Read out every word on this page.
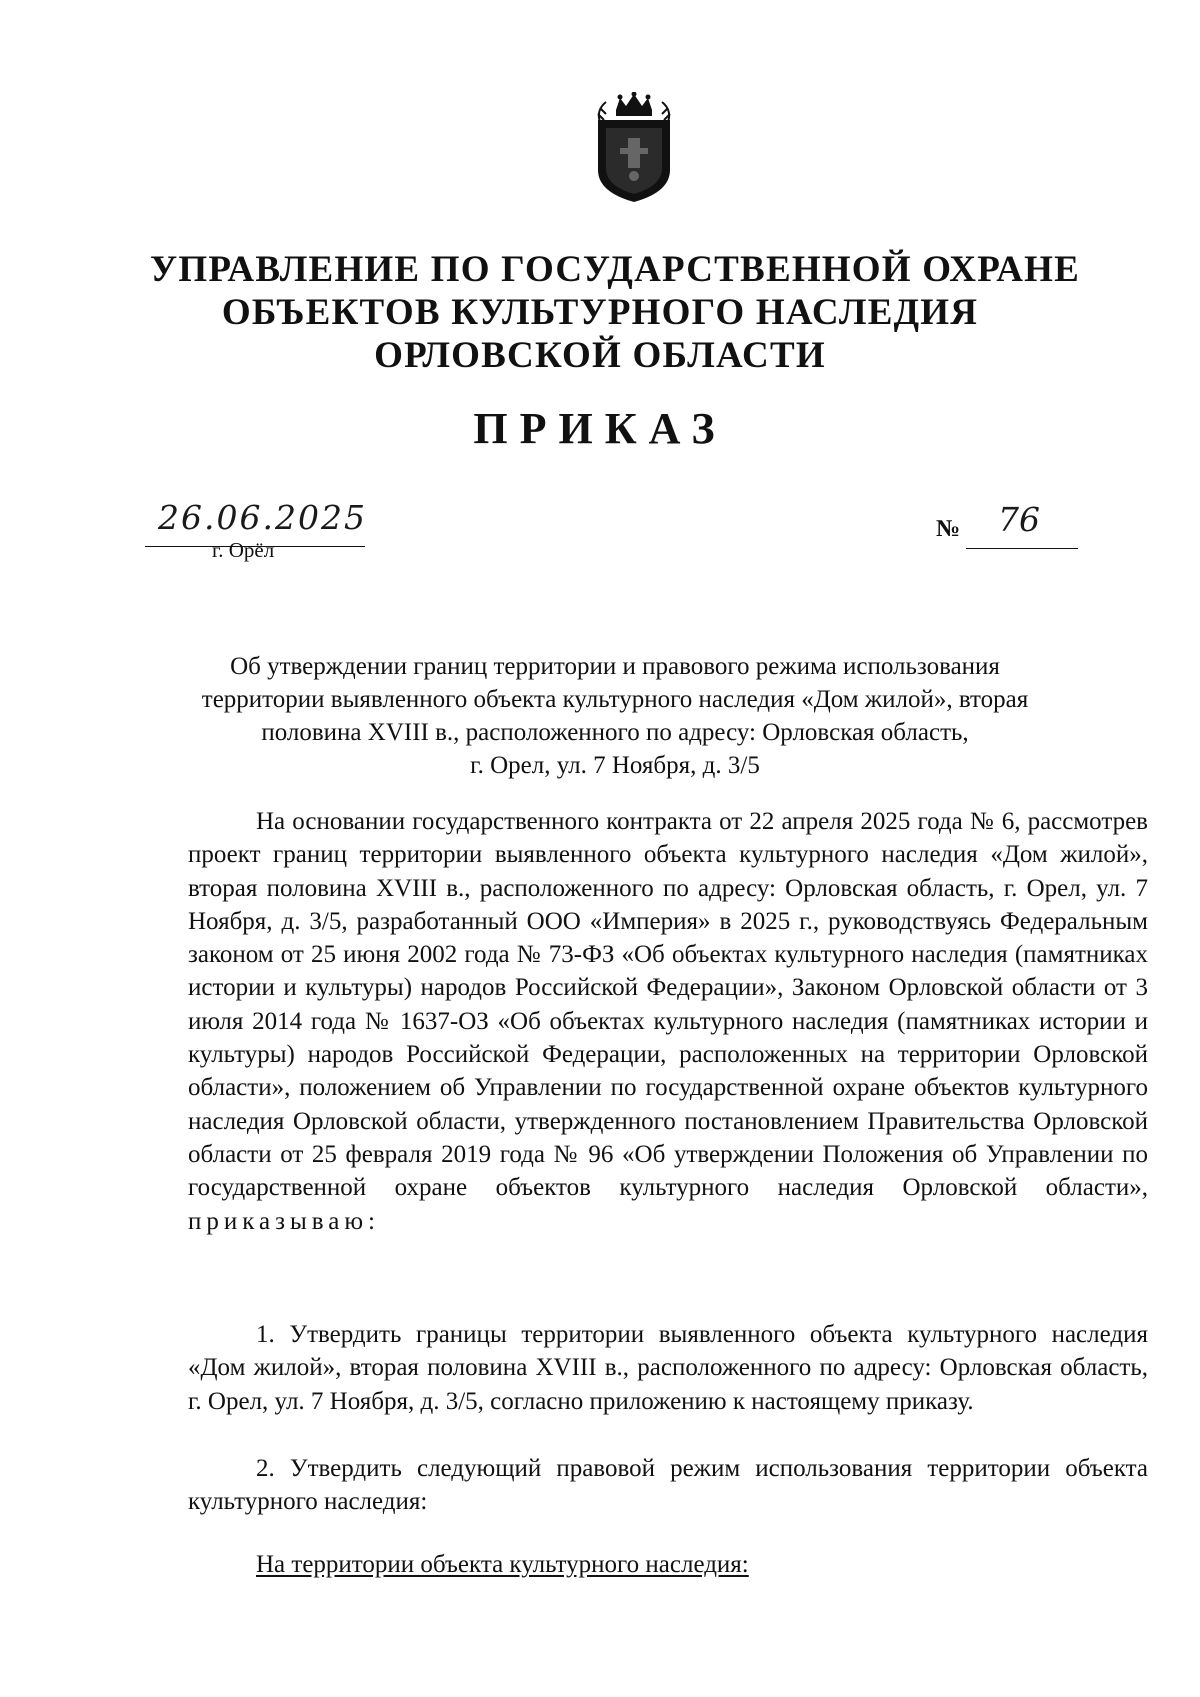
УПРАВЛЕНИЕ ПО ГОСУДАРСТВЕННОЙ ОХРАНЕ
ОБЪЕКТОВ КУЛЬТУРНОГО НАСЛЕДИЯ
ОРЛОВСКОЙ ОБЛАСТИ
ПРИКАЗ
26.06.2025
г. Орёл
№ 76

Об утверждении границ территории и правового режима использования
территории выявленного объекта культурного наследия «Дом жилой», вторая
половина XVIII в., расположенного по адресу: Орловская область,
г. Орел, ул. 7 Ноября, д. 3/5

На основании государственного контракта от 22 апреля 2025 года № 6, рассмотрев проект границ территории выявленного объекта культурного наследия «Дом жилой», вторая половина XVIII в., расположенного по адресу: Орловская область, г. Орел, ул. 7 Ноября, д. 3/5, разработанный ООО «Империя» в 2025 г., руководствуясь Федеральным законом от 25 июня 2002 года № 73-ФЗ «Об объектах культурного наследия (памятниках истории и культуры) народов Российской Федерации», Законом Орловской области от 3 июля 2014 года № 1637-ОЗ «Об объектах культурного наследия (памятниках истории и культуры) народов Российской Федерации, расположенных на территории Орловской области», положением об Управлении по государственной охране объектов культурного наследия Орловской области, утвержденного постановлением Правительства Орловской области от 25 февраля 2019 года № 96 «Об утверждении Положения об Управлении по государственной охране объектов культурного наследия Орловской области», приказываю:

1. Утвердить границы территории выявленного объекта культурного наследия «Дом жилой», вторая половина XVIII в., расположенного по адресу: Орловская область, г. Орел, ул. 7 Ноября, д. 3/5, согласно приложению к настоящему приказу.

2. Утвердить следующий правовой режим использования территории объекта культурного наследия:

На территории объекта культурного наследия:
